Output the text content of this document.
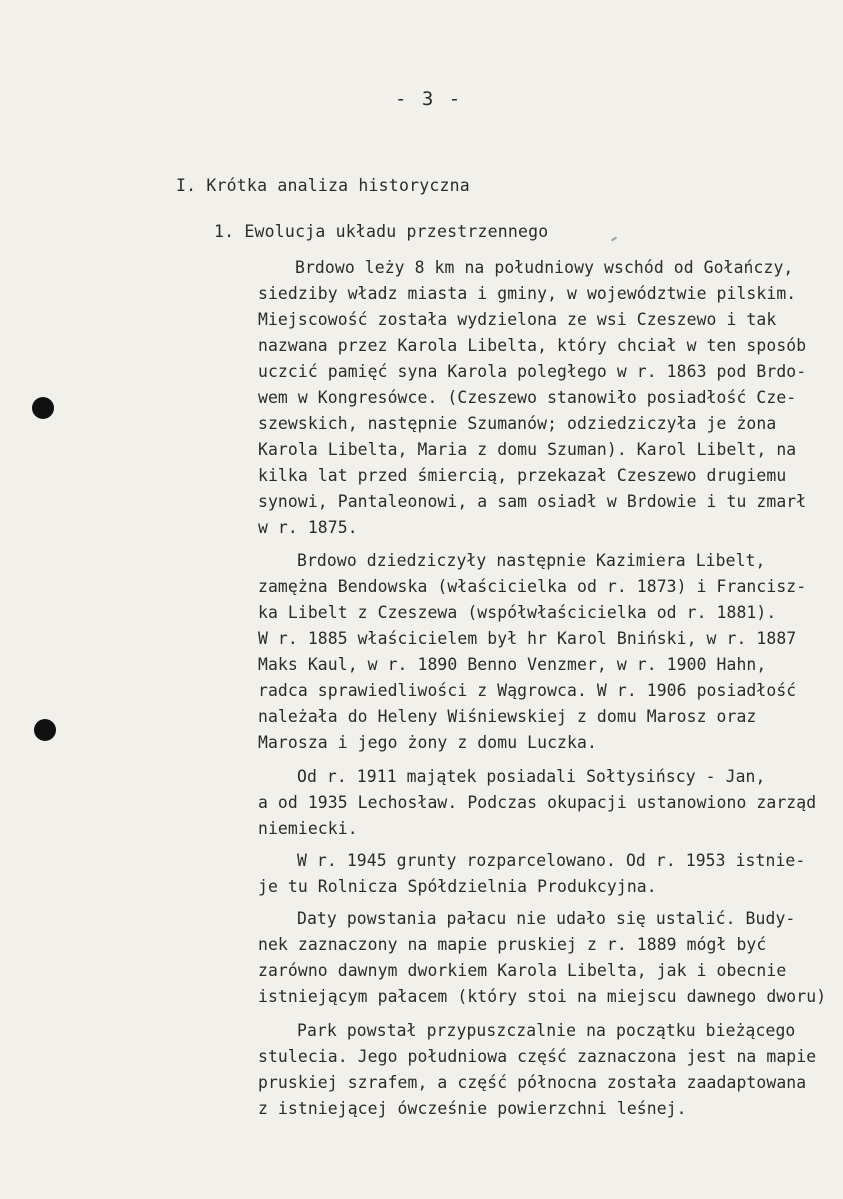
- 3 -
I. Krótka analiza historyczna
1. Ewolucja układu przestrzennego
Brdowo leży 8 km na południowy wschód od Gołańczy,
siedziby władz miasta i gminy, w województwie pilskim.
Miejscowość została wydzielona ze wsi Czeszewo i tak
nazwana przez Karola Libelta, który chciał w ten sposób
uczcić pamięć syna Karola poległego w r. 1863 pod Brdo-
wem w Kongresówce. (Czeszewo stanowiło posiadłość Cze-
szewskich, następnie Szumanów; odziedziczyła je żona
Karola Libelta, Maria z domu Szuman). Karol Libelt, na
kilka lat przed śmiercią, przekazał Czeszewo drugiemu
synowi, Pantaleonowi, a sam osiadł w Brdowie i tu zmarł
w r. 1875.
Brdowo dziedziczyły następnie Kazimiera Libelt,
zamężna Bendowska (właścicielka od r. 1873) i Francisz-
ka Libelt z Czeszewa (współwłaścicielka od r. 1881).
W r. 1885 właścicielem był hr Karol Bniński, w r. 1887
Maks Kaul, w r. 1890 Benno Venzmer, w r. 1900 Hahn,
radca sprawiedliwości z Wągrowca. W r. 1906 posiadłość
należała do Heleny Wiśniewskiej z domu Marosz oraz
Marosza i jego żony z domu Luczka.
Od r. 1911 majątek posiadali Sołtysińscy - Jan,
a od 1935 Lechosław. Podczas okupacji ustanowiono zarząd
niemiecki.
W r. 1945 grunty rozparcelowano. Od r. 1953 istnie-
je tu Rolnicza Spółdzielnia Produkcyjna.
Daty powstania pałacu nie udało się ustalić. Budy-
nek zaznaczony na mapie pruskiej z r. 1889 mógł być
zarówno dawnym dworkiem Karola Libelta, jak i obecnie
istniejącym pałacem (który stoi na miejscu dawnego dworu)
Park powstał przypuszczalnie na początku bieżącego
stulecia. Jego południowa część zaznaczona jest na mapie
pruskiej szrafem, a część północna została zaadaptowana
z istniejącej ówcześnie powierzchni leśnej.
